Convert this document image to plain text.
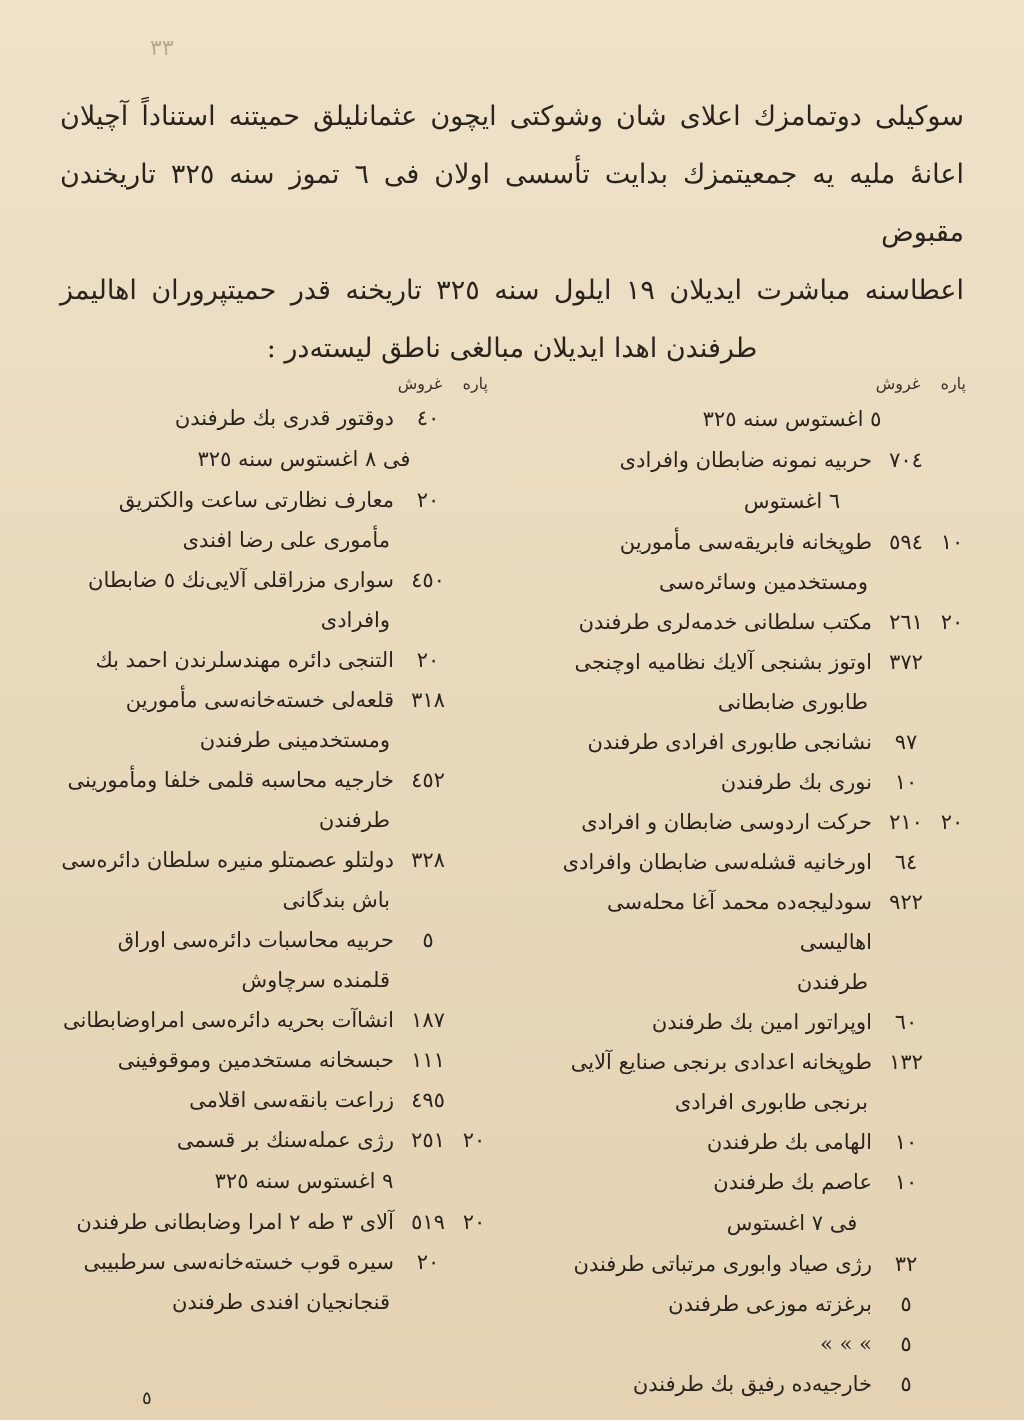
٣٣
سوكيلى دوتمامزك اعلاى شان وشوكتى ايچون عثمانليلق حميتنه استناداً آچيلان
اعانهٔ مليه يه جمعيتمزك بدايت تأسسى اولان فى ٦ تموز سنه ٣٢٥ تاريخندن مقبوض
اعطاسنه مباشرت ايديلان ١٩ ايلول سنه ٣٢٥ تاريخنه قدر حميتپروران اهاليمز
طرفندن اهدا ايديلان مبالغى ناطق ليسته‌در :
پاره    غروش
٥ اغستوس سنه ٣٢٥
٧٠٤
حربيه نمونه ضابطان وافرادى
٦ اغستوس
١٠
٥٩٤
طوپخانه فابريقه‌سى مأمورين
ومستخدمين وسائره‌سى
٢٠
٢٦١
مكتب سلطانى خدمه‌لرى طرفندن
٣٧٢
اوتوز بشنجى آلايك نظاميه اوچنجى
طابورى ضابطانى
٩٧
نشانجى طابورى افرادى طرفندن
١٠
نورى بك طرفندن
٢٠
٢١٠
حركت اردوسى ضابطان و افرادى
٦٤
اورخانيه قشله‌سى ضابطان وافرادى
٩٢٢
سودليجه‌ده محمد آغا محله‌سى اهاليسى
طرفندن
٦٠
اوپراتور امين بك طرفندن
١٣٢
طوپخانه اعدادى برنجى صنايع آلايى
برنجى طابورى افرادى
١٠
الهامى بك طرفندن
١٠
عاصم بك طرفندن
فى ٧ اغستوس
٣٢
رژى صياد وابورى مرتباتى طرفندن
٥
برغزته موزعى طرفندن
٥
» » »
٥
خارجيه‌ده رفيق بك طرفندن
پاره    غروش
٤٠
دوقتور قدرى بك طرفندن
فى ٨ اغستوس سنه ٣٢٥
٢٠
معارف نظارتى ساعت والكتريق
مأمورى على رضا افندى
٤٥٠
سوارى مزراقلى آلايى‌نك ٥ ضابطان
وافرادى
٢٠
التنجى دائره مهندسلرندن احمد بك
٣١٨
قلعه‌لى خسته‌خانه‌سى مأمورين
ومستخدمينى طرفندن
٤٥٢
خارجيه محاسبه قلمى خلفا ومأمورينى
طرفندن
٣٢٨
دولتلو عصمتلو منيره سلطان دائره‌سى
باش بندگانى
٥
حربيه محاسبات دائره‌سى اوراق
قلمنده سرچاوش
١٨٧
انشاآت بحريه دائره‌سى امراوضابطانى
١١١
حبسخانه مستخدمين وموقوفينى
٤٩٥
زراعت بانقه‌سى اقلامى
٢٠
٢٥١
رژى عمله‌سنك بر قسمى
٩ اغستوس سنه ٣٢٥
٢٠
٥١٩
آلاى ٣ طه ٢ امرا وضابطانى طرفندن
٢٠
سيره قوب خسته‌خانه‌سى سرطبيبى
قنجانجيان افندى طرفندن
٥
